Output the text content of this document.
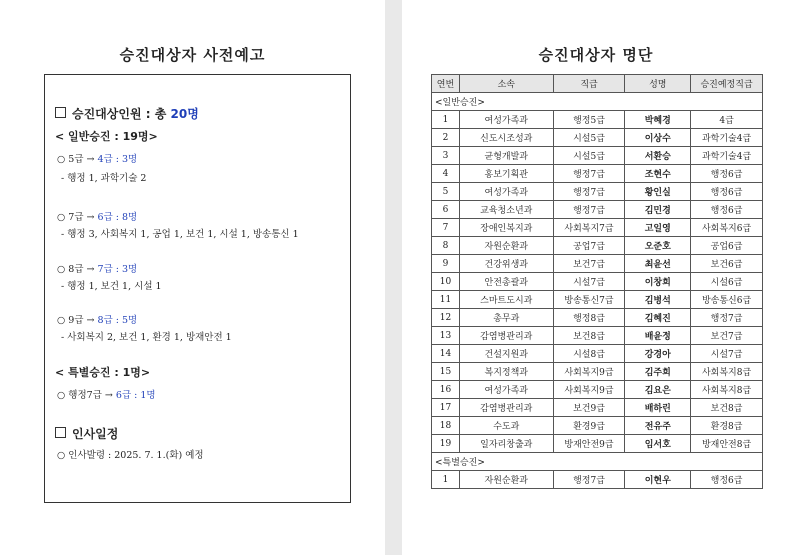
승진대상자 사전예고
승진대상인원 : 총 20명
< 일반승진 : 19명>
○ 5급 → 4급 : 3명
- 행정 1, 과학기술 2
○ 7급 → 6급 : 8명
- 행정 3, 사회복지 1, 공업 1, 보건 1, 시설 1, 방송통신 1
○ 8급 → 7급 : 3명
- 행정 1, 보건 1, 시설 1
○ 9급 → 8급 : 5명
- 사회복지 2, 보건 1, 환경 1, 방재안전 1
< 특별승진 : 1명>
○ 행정7급 → 6급 : 1명
인사일정
○ 인사발령 : 2025. 7. 1.(화) 예정
승진대상자 명단
연번	소속	직급	성명	승진예정직급
<일반승진>				
1	여성가족과	행정5급	박혜경	4급
2	신도시조성과	시설5급	이상수	과학기술4급
3	균형개발과	시설5급	서환승	과학기술4급
4	홍보기획관	행정7급	조현수	행정6급
5	여성가족과	행정7급	황인실	행정6급
6	교육청소년과	행정7급	김민경	행정6급
7	장애인복지과	사회복지7급	고일영	사회복지6급
8	자원순환과	공업7급	오준호	공업6급
9	건강위생과	보건7급	최윤선	보건6급
10	안전총괄과	시설7급	이창희	시설6급
11	스마트도시과	방송통신7급	김병석	방송통신6급
12	총무과	행정8급	김혜진	행정7급
13	감염병관리과	보건8급	배윤정	보건7급
14	건설지원과	시설8급	강경아	시설7급
15	복지정책과	사회복지9급	김주희	사회복지8급
16	여성가족과	사회복지9급	김요은	사회복지8급
17	감염병관리과	보건9급	배하린	보건8급
18	수도과	환경9급	전유주	환경8급
19	일자리창출과	방재안전9급	임서호	방재안전8급
<특별승진>				
1	자원순환과	행정7급	이현우	행정6급
